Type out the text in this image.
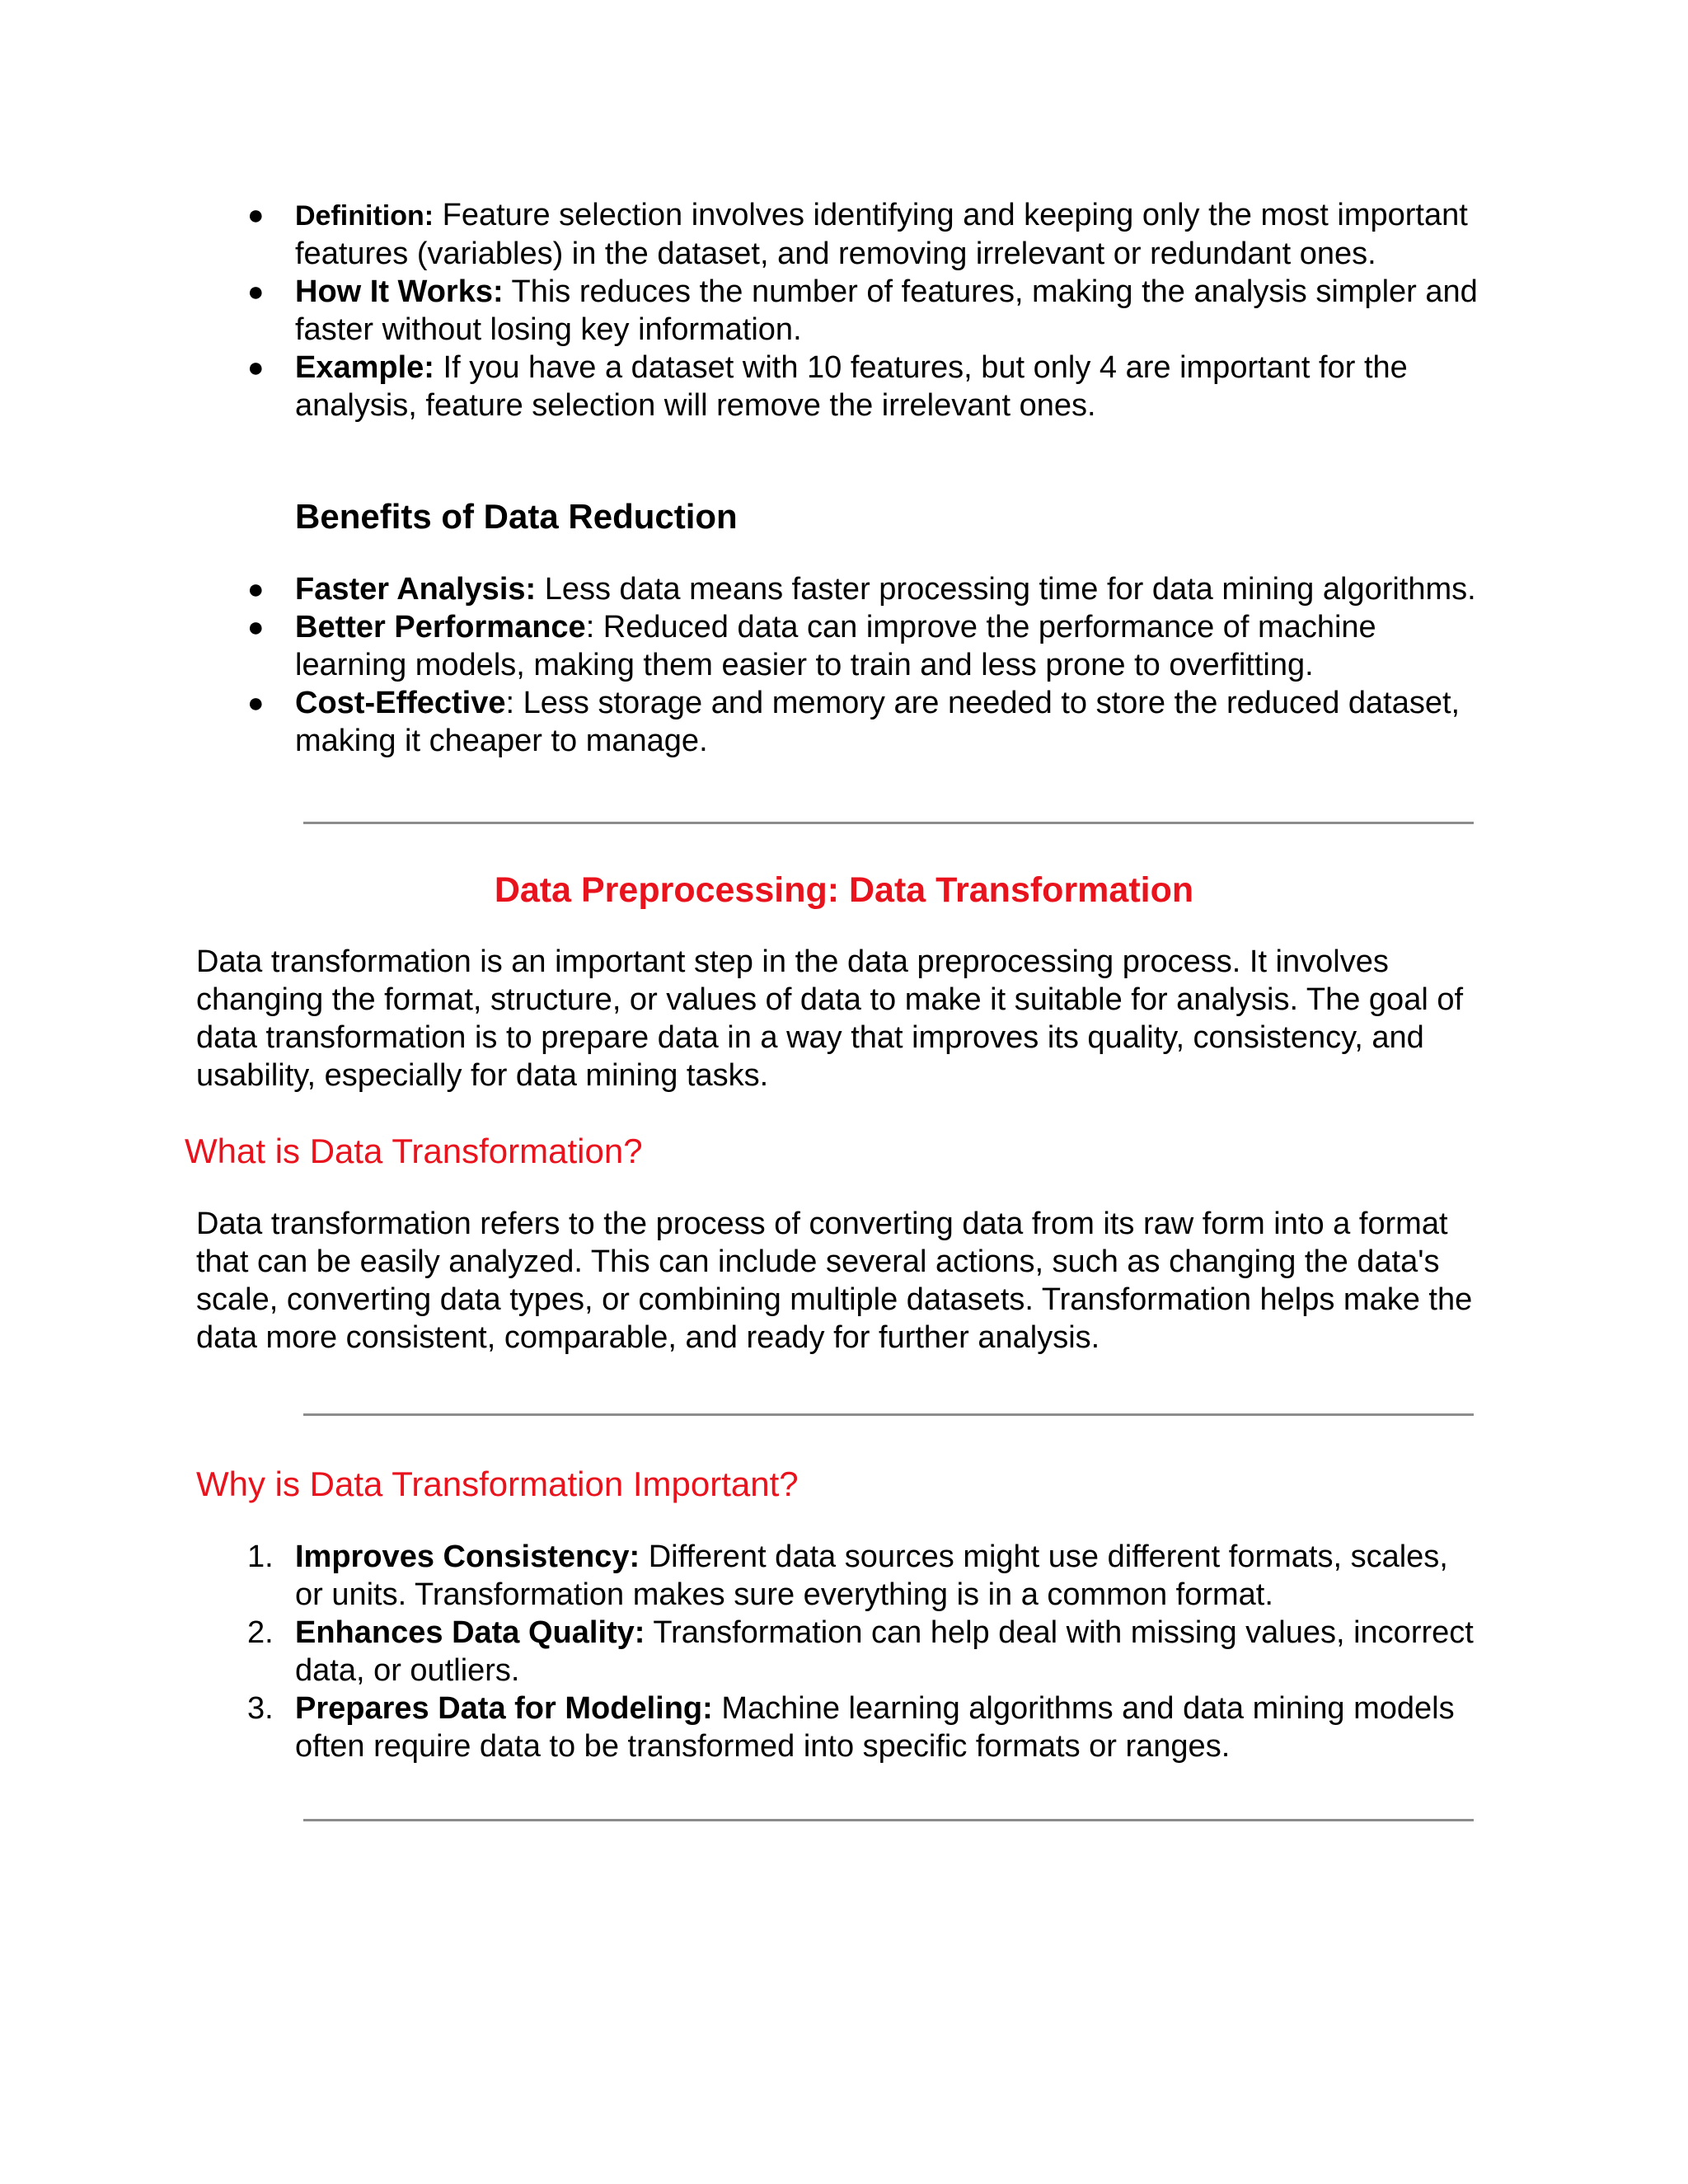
●	Definition: Feature selection involves identifying and keeping only the most important features (variables) in the dataset, and removing irrelevant or redundant ones.
● How It Works: This reduces the number of features, making the analysis simpler and faster without losing key information.
● Example: If you have a dataset with 10 features, but only 4 are important for the analysis, feature selection will remove the irrelevant ones.
Benefits of Data Reduction
● Faster Analysis: Less data means faster processing time for data mining algorithms.
● Better Performance: Reduced data can improve the performance of machine learning models, making them easier to train and less prone to overfitting.
● Cost-Effective: Less storage and memory are needed to store the reduced dataset, making it cheaper to manage.
Data Preprocessing: Data Transformation

Data transformation is an important step in the data preprocessing process. It involves changing the format, structure, or values of data to make it suitable for analysis. The goal of data transformation is to prepare data in a way that improves its quality, consistency, and usability, especially for data mining tasks.

What is Data Transformation?

Data transformation refers to the process of converting data from its raw form into a format that can be easily analyzed. This can include several actions, such as changing the data's scale, converting data types, or combining multiple datasets. Transformation helps make the data more consistent, comparable, and ready for further analysis.

Why is Data Transformation Important?
1. Improves Consistency: Different data sources might use different formats, scales, or units. Transformation makes sure everything is in a common format.
2. Enhances Data Quality: Transformation can help deal with missing values, incorrect data, or outliers.
3. Prepares Data for Modeling: Machine learning algorithms and data mining models often require data to be transformed into specific formats or ranges.
